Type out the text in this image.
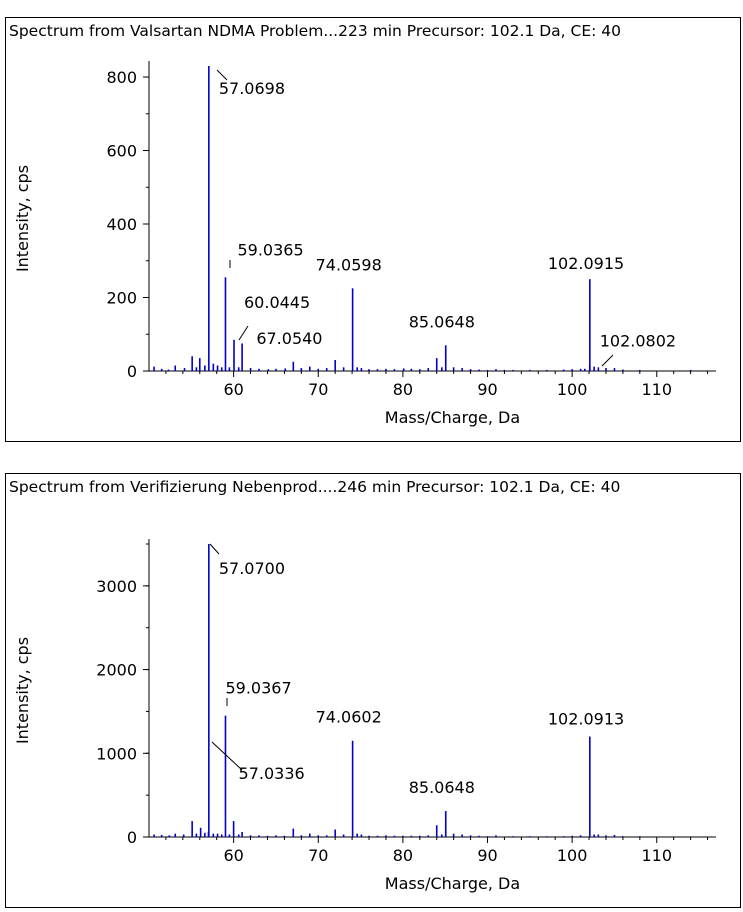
Spectrum from Valsartan NDMA Problem...223 min Precursor: 102.1 Da, CE: 40
60	70	80	90	100	110
0
200
400
600
800
Mass/Charge, Da
Intensity, cps
57.0698
59.0365
60.0445
67.0540
74.0598
85.0648
102.0915
102.0802
Spectrum from Verifizierung Nebenprod....246 min Precursor: 102.1 Da, CE: 40
60	70	80	90	100	110
0
1000
2000
3000
Mass/Charge, Da
Intensity, cps
57.0700
59.0367
57.0336
74.0602
85.0648
102.0913
